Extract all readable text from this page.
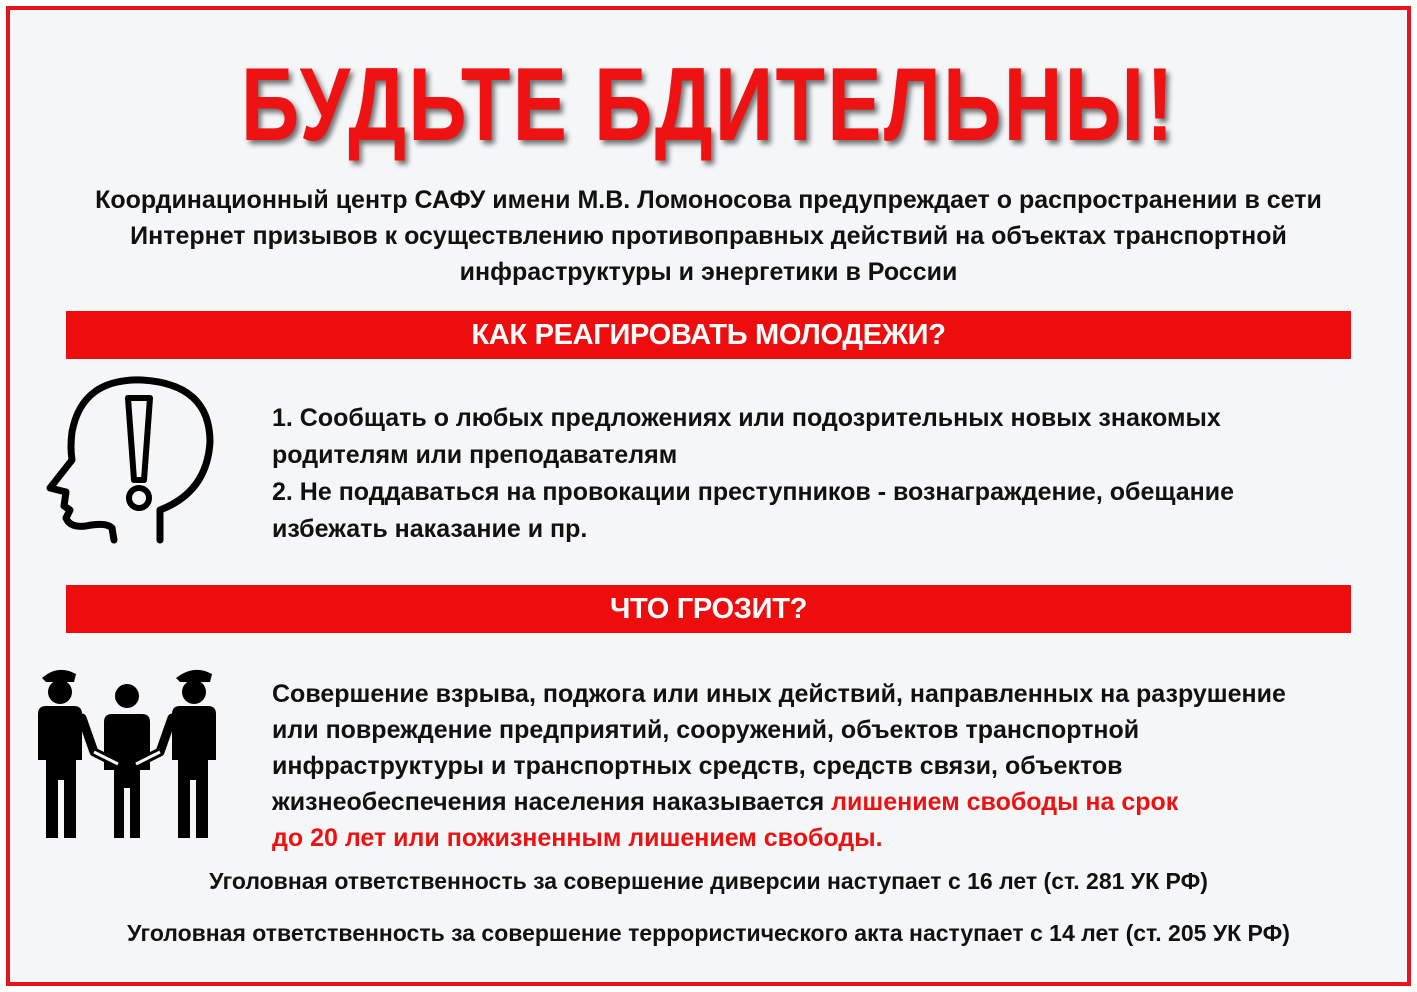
БУДЬТЕ БДИТЕЛЬНЫ!
Координационный центр САФУ имени М.В. Ломоносова предупреждает о распространении в сети
Интернет призывов к осуществлению противоправных действий на объектах транспортной
инфраструктуры и энергетики в России
КАК РЕАГИРОВАТЬ МОЛОДЕЖИ?
1. Сообщать о любых предложениях или подозрительных новых знакомых
родителям или преподавателям
2. Не поддаваться на провокации преступников - вознаграждение, обещание
избежать наказание и пр.
ЧТО ГРОЗИТ?
Совершение взрыва, поджога или иных действий, направленных на разрушение
или повреждение предприятий, сооружений, объектов транспортной
инфраструктуры и транспортных средств, средств связи, объектов
жизнеобеспечения населения наказывается лишением свободы на срок
до 20 лет или пожизненным лишением свободы.
Уголовная ответственность за совершение диверсии наступает с 16 лет (ст. 281 УК РФ)
Уголовная ответственность за совершение террористического акта наступает с 14 лет (ст. 205 УК РФ)
